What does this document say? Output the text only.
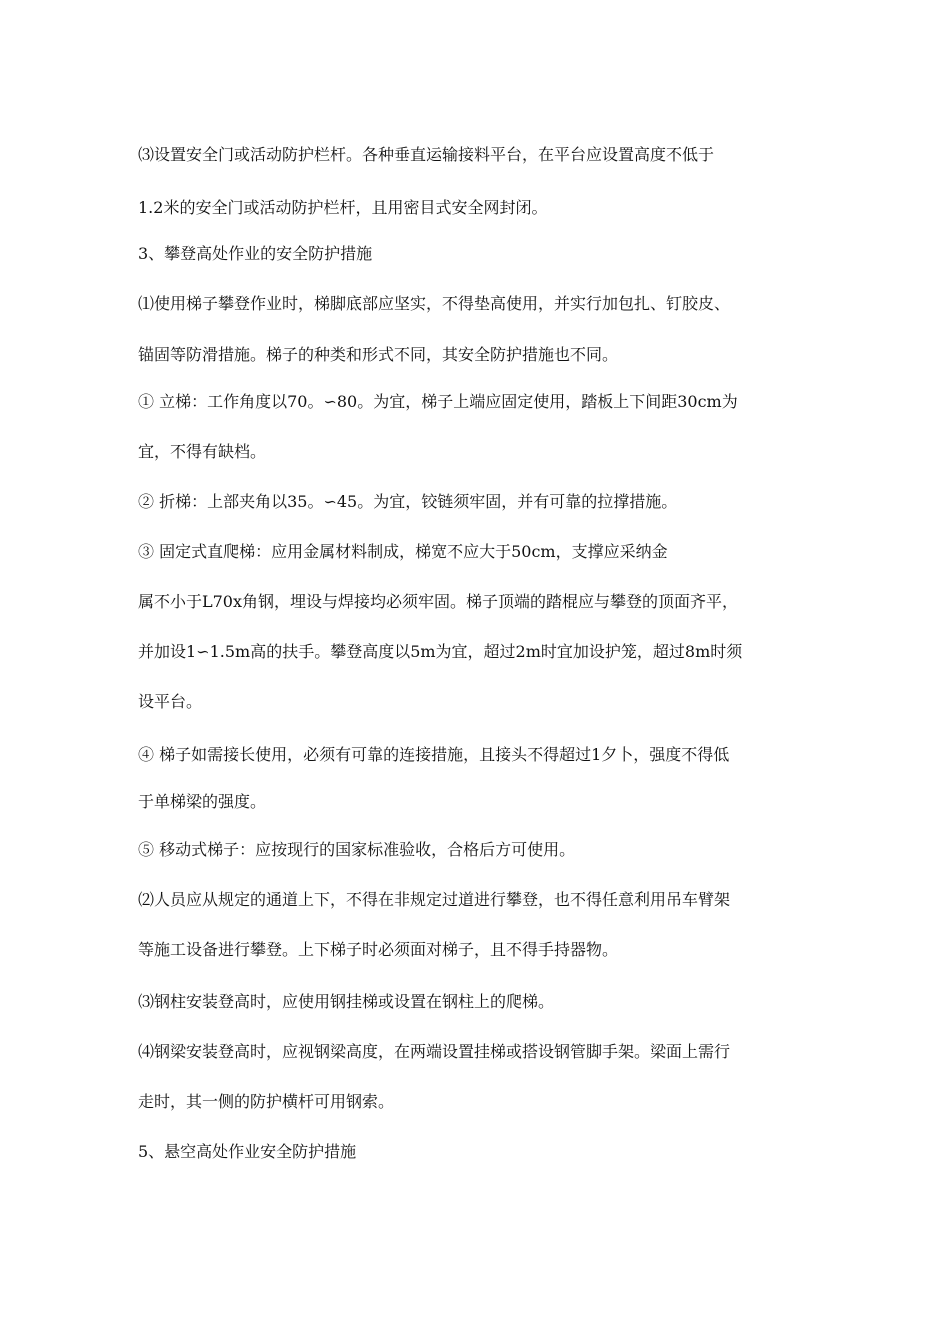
⑶设置安全门或活动防护栏杆。各种垂直运输接料平台，在平台应设置高度不低于
1.2米的安全门或活动防护栏杆，且用密目式安全网封闭。
3、攀登高处作业的安全防护措施
⑴使用梯子攀登作业时，梯脚底部应坚实，不得垫高使用，并实行加包扎、钉胶皮、
锚固等防滑措施。梯子的种类和形式不同，其安全防护措施也不同。
① 立梯：工作角度以70。∽80。为宜，梯子上端应固定使用，踏板上下间距30cm为
宜，不得有缺档。
② 折梯：上部夹角以35。∽45。为宜，铰链须牢固，并有可靠的拉撑措施。
③ 固定式直爬梯：应用金属材料制成，梯宽不应大于50cm，支撑应采纳金
属不小于L70x角钢，埋设与焊接均必须牢固。梯子顶端的踏棍应与攀登的顶面齐平，
并加设1∽1.5m高的扶手。攀登高度以5m为宜，超过2m时宜加设护笼，超过8m时须
设平台。
④ 梯子如需接长使用，必须有可靠的连接措施，且接头不得超过1夕卜，强度不得低
于单梯梁的强度。
⑤ 移动式梯子：应按现行的国家标准验收，合格后方可使用。
⑵人员应从规定的通道上下，不得在非规定过道进行攀登，也不得任意利用吊车臂架
等施工设备进行攀登。上下梯子时必须面对梯子，且不得手持器物。
⑶钢柱安装登高时，应使用钢挂梯或设置在钢柱上的爬梯。
⑷钢梁安装登高时，应视钢梁高度，在两端设置挂梯或搭设钢管脚手架。梁面上需行
走时，其一侧的防护横杆可用钢索。
5、悬空高处作业安全防护措施
